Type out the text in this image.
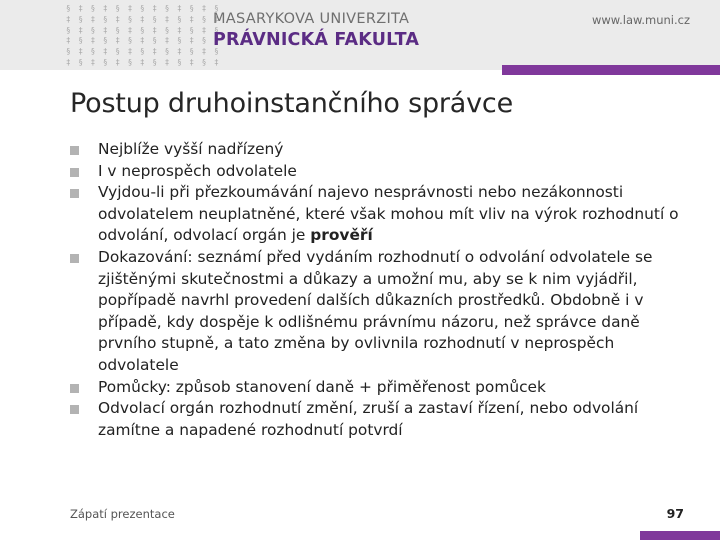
§ ‡ § ‡ § ‡ § ‡ § ‡
‡ § ‡ § ‡ § ‡ § ‡ §
§ ‡ § ‡ § ‡ § ‡ § ‡
‡ § ‡ § ‡ § ‡ § ‡ §
§ ‡ § ‡ § ‡ § ‡ § ‡
‡ § ‡ § ‡ § ‡ § ‡ §
MASARYKOVA UNIVERZITA
PRÁVNICKÁ FAKULTA
www.law.muni.cz
Postup druhoinstančního správce
Nejblíže vyšší nadřízený
I v neprospěch odvolatele
Vyjdou-li při přezkoumávání najevo nesprávnosti nebo nezákonnosti odvolatelem neuplatněné, které však mohou mít vliv na výrok rozhodnutí o odvolání, odvolací orgán je prověří
Dokazování: seznámí před vydáním rozhodnutí o odvolání odvolatele se zjištěnými skutečnostmi a důkazy a umožní mu, aby se k nim vyjádřil, popřípadě navrhl provedení dalších důkazních prostředků. Obdobně i v případě, kdy dospěje k odlišnému právnímu názoru, než správce daně prvního stupně, a tato změna by ovlivnila rozhodnutí v neprospěch odvolatele
Pomůcky: způsob stanovení daně + přiměřenost pomůcek
Odvolací orgán rozhodnutí změní, zruší a zastaví řízení, nebo odvolání zamítne a napadené rozhodnutí potvrdí
Zápatí prezentace	97
